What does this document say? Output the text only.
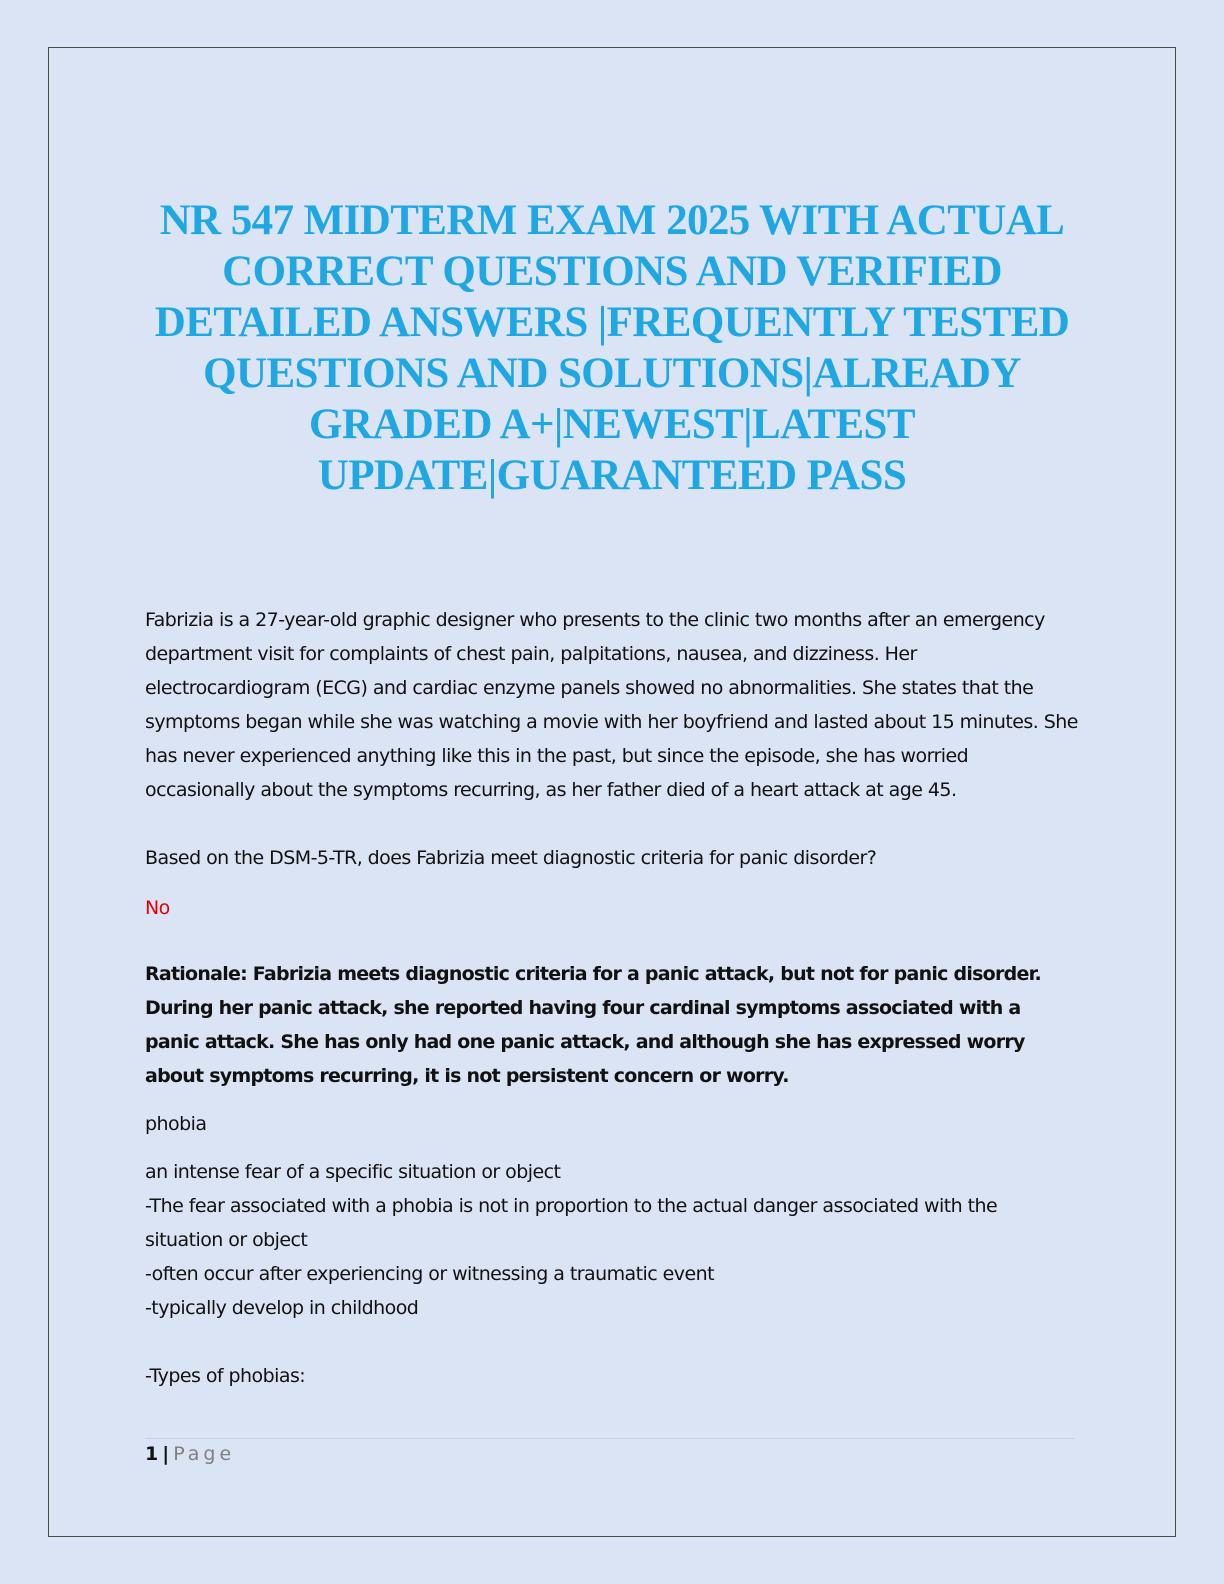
NR 547 MIDTERM EXAM 2025 WITH ACTUAL CORRECT QUESTIONS AND VERIFIED DETAILED ANSWERS |FREQUENTLY TESTED QUESTIONS AND SOLUTIONS|ALREADY GRADED A+|NEWEST|LATEST UPDATE|GUARANTEED PASS

Fabrizia is a 27-year-old graphic designer who presents to the clinic two months after an emergency department visit for complaints of chest pain, palpitations, nausea, and dizziness. Her electrocardiogram (ECG) and cardiac enzyme panels showed no abnormalities. She states that the symptoms began while she was watching a movie with her boyfriend and lasted about 15 minutes. She has never experienced anything like this in the past, but since the episode, she has worried occasionally about the symptoms recurring, as her father died of a heart attack at age 45.

Based on the DSM-5-TR, does Fabrizia meet diagnostic criteria for panic disorder?

No

Rationale: Fabrizia meets diagnostic criteria for a panic attack, but not for panic disorder. During her panic attack, she reported having four cardinal symptoms associated with a panic attack. She has only had one panic attack, and although she has expressed worry about symptoms recurring, it is not persistent concern or worry.

phobia

an intense fear of a specific situation or object

-The fear associated with a phobia is not in proportion to the actual danger associated with the situation or object

-often occur after experiencing or witnessing a traumatic event

-typically develop in childhood

-Types of phobias:

1 | Page
